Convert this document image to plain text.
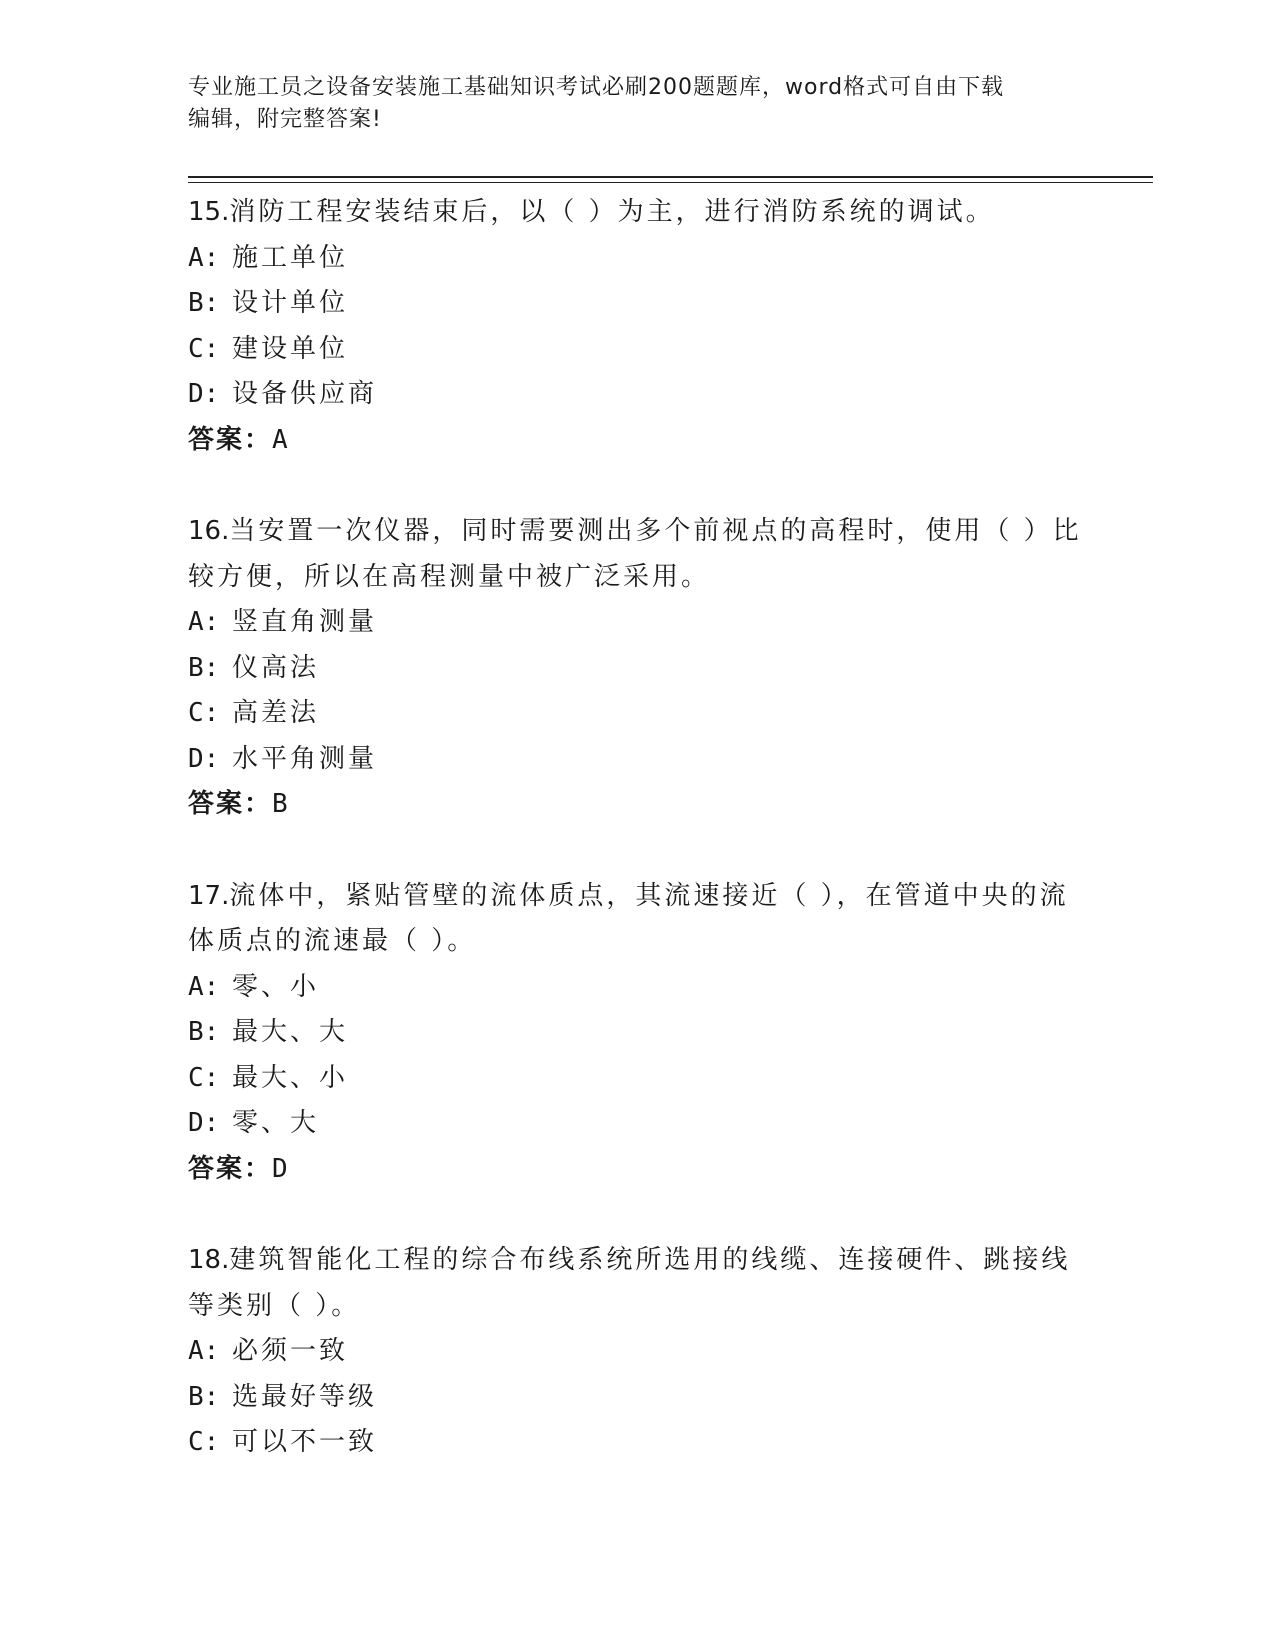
专业施工员之设备安装施工基础知识考试必刷200题题库，word格式可自由下载
编辑，附完整答案!

15.消防工程安装结束后，以（ ）为主，进行消防系统的调试。

A: 施工单位

B: 设计单位

C: 建设单位

D: 设备供应商

答案：A

16.当安置一次仪器，同时需要测出多个前视点的高程时，使用（ ）比较方便，所以在高程测量中被广泛采用。

A: 竖直角测量

B: 仪高法

C: 高差法

D: 水平角测量

答案：B

17.流体中，紧贴管壁的流体质点，其流速接近（ ），在管道中央的流体质点的流速最（ ）。

A: 零、小

B: 最大、大

C: 最大、小

D: 零、大

答案：D

18.建筑智能化工程的综合布线系统所选用的线缆、连接硬件、跳接线等类别（ ）。

A: 必须一致

B: 选最好等级

C: 可以不一致
